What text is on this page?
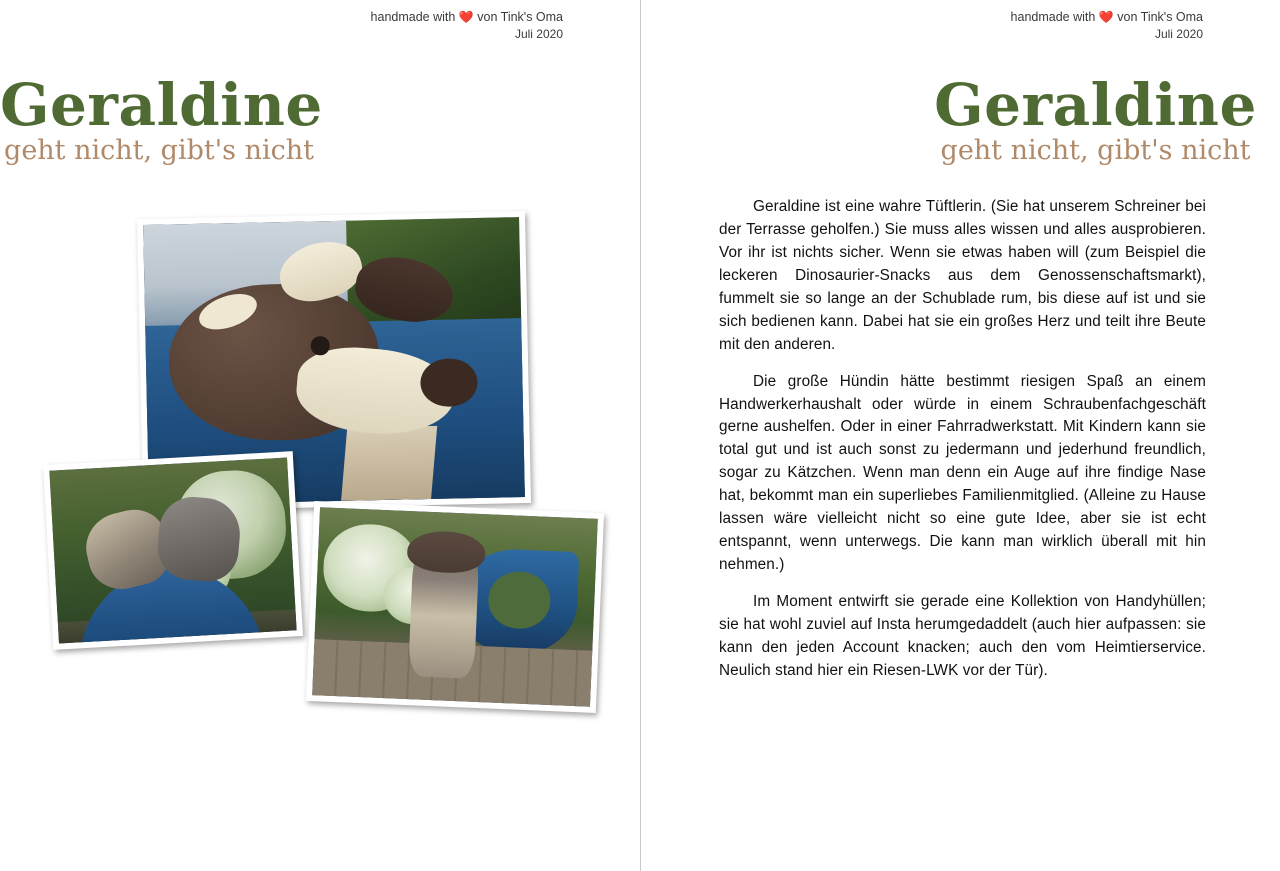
handmade with ❤️ von Tink's Oma
Juli 2020
Geraldine
geht nicht, gibt's nicht
handmade with ❤️ von Tink's Oma
Juli 2020
Geraldine
geht nicht, gibt's nicht

Geraldine ist eine wahre Tüftlerin. (Sie hat unserem Schreiner bei der Terrasse geholfen.) Sie muss alles wissen und alles ausprobieren. Vor ihr ist nichts sicher. Wenn sie etwas haben will (zum Beispiel die leckeren Dinosaurier-Snacks aus dem Genossenschaftsmarkt), fummelt sie so lange an der Schublade rum, bis diese auf ist und sie sich bedienen kann. Dabei hat sie ein großes Herz und teilt ihre Beute mit den anderen.

Die große Hündin hätte bestimmt riesigen Spaß an einem Handwerkerhaushalt oder würde in einem Schraubenfachgeschäft gerne aushelfen. Oder in einer Fahrradwerkstatt. Mit Kindern kann sie total gut und ist auch sonst zu jedermann und jederhund freundlich, sogar zu Kätzchen. Wenn man denn ein Auge auf ihre findige Nase hat, bekommt man ein superliebes Familienmitglied. (Alleine zu Hause lassen wäre vielleicht nicht so eine gute Idee, aber sie ist echt entspannt, wenn unterwegs. Die kann man wirklich überall mit hin nehmen.)

Im Moment entwirft sie gerade eine Kollektion von Handyhüllen; sie hat wohl zuviel auf Insta herumgedaddelt (auch hier aufpassen: sie kann den jeden Account knacken; auch den vom Heimtierservice. Neulich stand hier ein Riesen-LWK vor der Tür).
